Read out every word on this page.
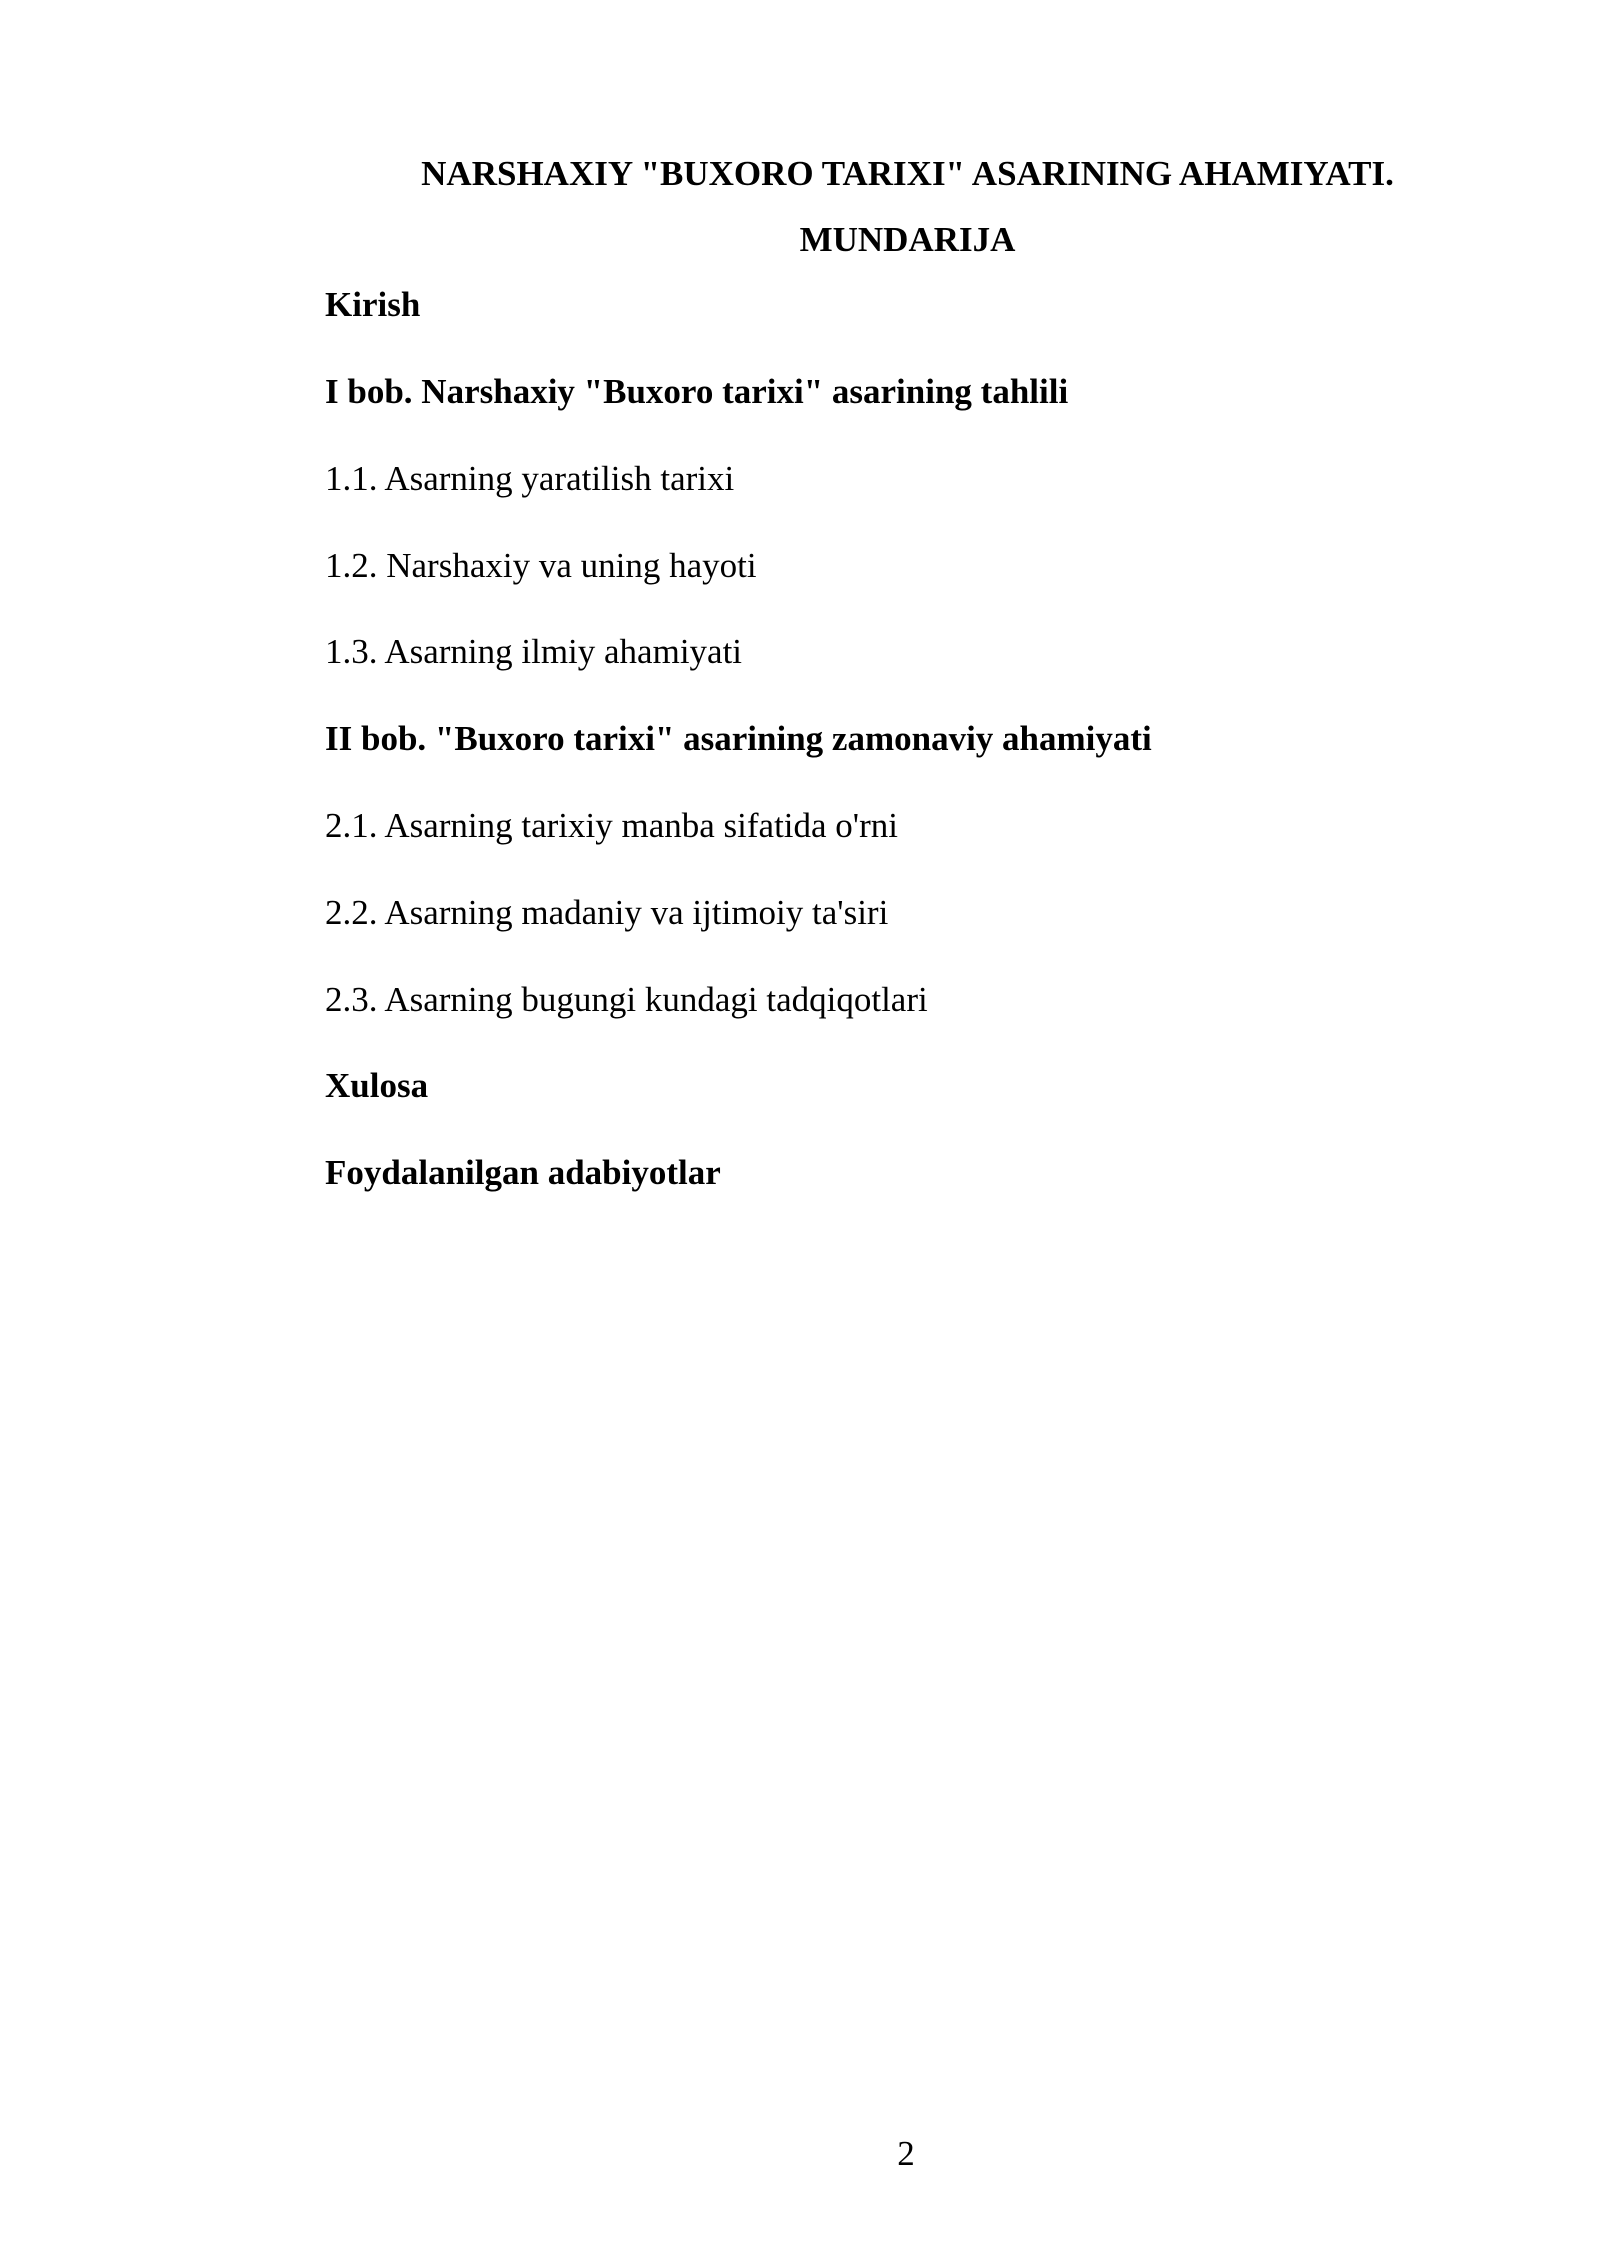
NARSHAXIY "BUXORO TARIXI" ASARINING AHAMIYATI.
MUNDARIJA
Kirish
I bob. Narshaxiy "Buxoro tarixi" asarining tahlili
1.1. Asarning yaratilish tarixi
1.2. Narshaxiy va uning hayoti
1.3. Asarning ilmiy ahamiyati
II bob. "Buxoro tarixi" asarining zamonaviy ahamiyati
2.1. Asarning tarixiy manba sifatida o'rni
2.2. Asarning madaniy va ijtimoiy ta'siri
2.3. Asarning bugungi kundagi tadqiqotlari
Xulosa
Foydalanilgan adabiyotlar
2
